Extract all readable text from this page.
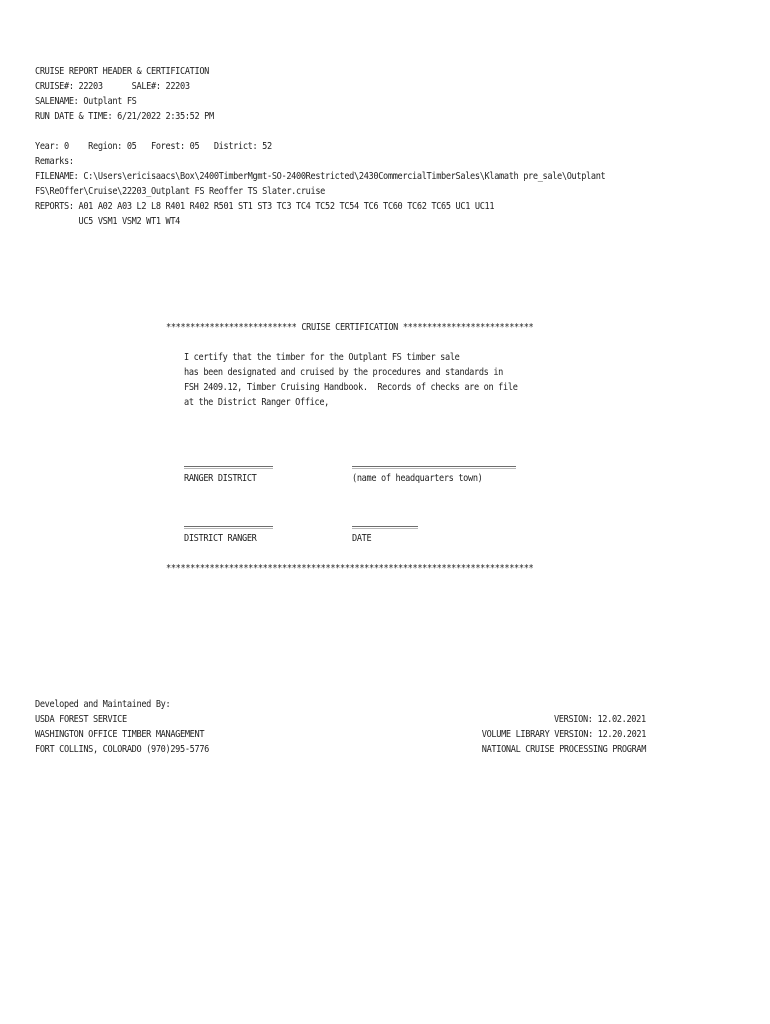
CRUISE REPORT HEADER & CERTIFICATION
CRUISE#: 22203      SALE#: 22203
SALENAME: Outplant FS
RUN DATE & TIME: 6/21/2022 2:35:52 PM
Year: 0    Region: 05   Forest: 05   District: 52
Remarks:
FILENAME: C:\Users\ericisaacs\Box\2400TimberMgmt-SO-2400Restricted\2430CommercialTimberSales\Klamath pre_sale\Outplant
FS\ReOffer\Cruise\22203_Outplant FS Reoffer TS Slater.cruise
REPORTS: A01 A02 A03 L2 L8 R401 R402 R501 ST1 ST3 TC3 TC4 TC52 TC54 TC6 TC60 TC62 TC65 UC1 UC11
UC5 VSM1 VSM2 WT1 WT4
*************************** CRUISE CERTIFICATION ***************************
I certify that the timber for the Outplant FS timber sale
has been designated and cruised by the procedures and standards in
FSH 2409.12, Timber Cruising Handbook.  Records of checks are on file
at the District Ranger Office,
RANGER DISTRICT	(name of headquarters town)
DISTRICT RANGER	DATE
****************************************************************************
Developed and Maintained By:
USDA FOREST SERVICE
WASHINGTON OFFICE TIMBER MANAGEMENT
FORT COLLINS, COLORADO (970)295-5776
VERSION: 12.02.2021
VOLUME LIBRARY VERSION: 12.20.2021
NATIONAL CRUISE PROCESSING PROGRAM
